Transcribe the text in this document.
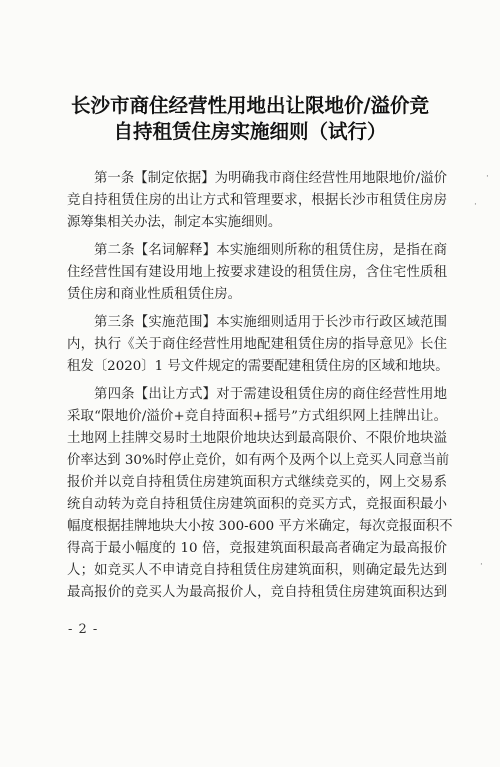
长沙市商住经营性用地出让限地价/溢价竞
自持租赁住房实施细则（试行）
第一条【制定依据】为明确我市商住经营性用地限地价/溢价
竞自持租赁住房的出让方式和管理要求，根据长沙市租赁住房房
源筹集相关办法，制定本实施细则。
第二条【名词解释】本实施细则所称的租赁住房，是指在商
住经营性国有建设用地上按要求建设的租赁住房，含住宅性质租
赁住房和商业性质租赁住房。
第三条【实施范围】本实施细则适用于长沙市行政区域范围
内，执行《关于商住经营性用地配建租赁住房的指导意见》长住
租发〔2020〕1 号文件规定的需要配建租赁住房的区域和地块。
第四条【出让方式】对于需建设租赁住房的商住经营性用地
采取“限地价/溢价+竞自持面积+摇号”方式组织网上挂牌出让。
土地网上挂牌交易时土地限价地块达到最高限价、不限价地块溢
价率达到 30%时停止竞价，如有两个及两个以上竞买人同意当前
报价并以竞自持租赁住房建筑面积方式继续竞买的，网上交易系
统自动转为竞自持租赁住房建筑面积的竞买方式，竞报面积最小
幅度根据挂牌地块大小按 300-600 平方米确定，每次竞报面积不
得高于最小幅度的 10 倍，竞报建筑面积最高者确定为最高报价
人；如竞买人不申请竞自持租赁住房建筑面积，则确定最先达到
最高报价的竞买人为最高报价人，竞自持租赁住房建筑面积达到
- 2 -
·
·
·
